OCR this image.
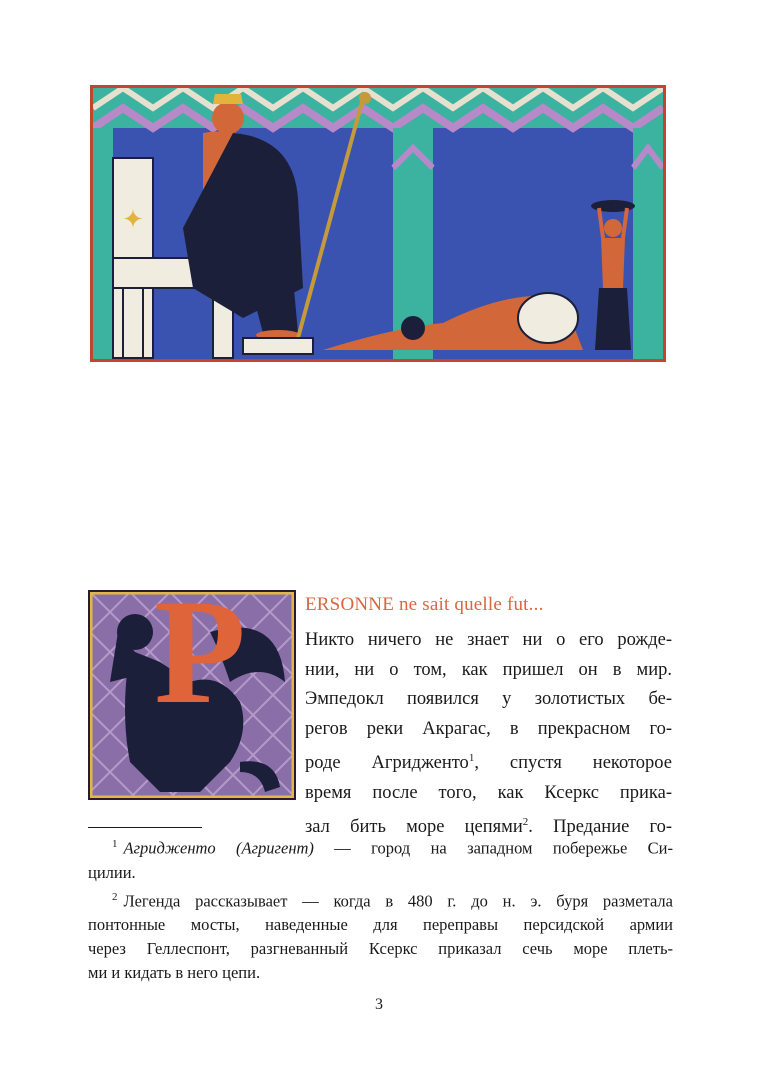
✦
P	ERSONNE ne sait quelle fut...
Никто ничего не знает ни о его рожде-
нии, ни о том, как пришел он в мир.
Эмпедокл появился у золотистых бе-
регов реки Акрагас, в прекрасном го-
роде Агридженто$^1$, спустя некоторое
время после того, как Ксеркс прика-
зал бить море цепями$^2$. Предание го-
$^1$ Агридженто (Агригент) — город на западном побережье Си-
цилии.
$^2$ Легенда рассказывает — когда в 480 г. до н. э. буря разметала
понтонные мосты, наведенные для переправы персидской армии
через Геллеспонт, разгневанный Ксеркс приказал сечь море плеть-
ми и кидать в него цепи.
3
